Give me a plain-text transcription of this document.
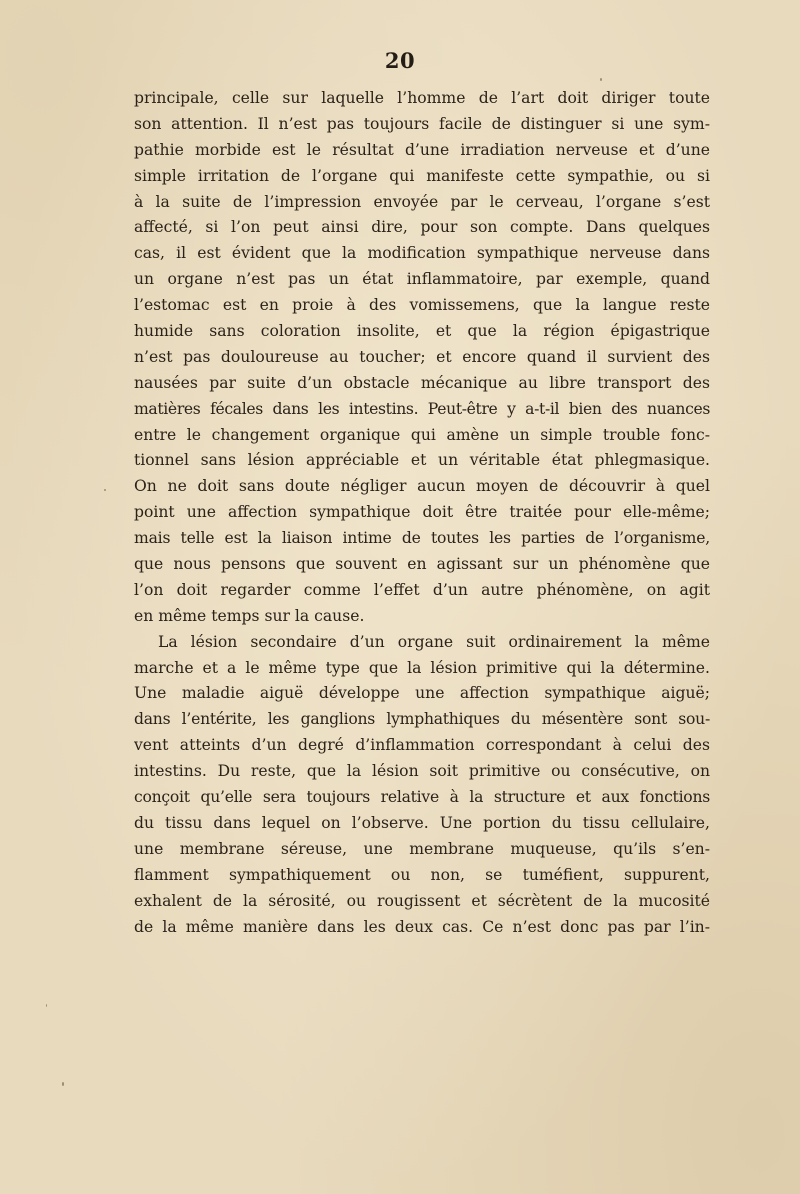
20
principale, celle sur laquelle l’homme de l’art doit diriger toute
son attention. Il n’est pas toujours facile de distinguer si une sym-
pathie morbide est le résultat d’une irradiation nerveuse et d’une
simple irritation de l’organe qui manifeste cette sympathie, ou si
à la suite de l’impression envoyée par le cerveau, l’organe s’est
affecté, si l’on peut ainsi dire, pour son compte. Dans quelques
cas, il est évident que la modification sympathique nerveuse dans
un organe n’est pas un état inflammatoire, par exemple, quand
l’estomac est en proie à des vomissemens, que la langue reste
humide sans coloration insolite, et que la région épigastrique
n’est pas douloureuse au toucher; et encore quand il survient des
nausées par suite d’un obstacle mécanique au libre transport des
matières fécales dans les intestins. Peut-être y a-t-il bien des nuances
entre le changement organique qui amène un simple trouble fonc-
tionnel sans lésion appréciable et un véritable état phlegmasique.
On ne doit sans doute négliger aucun moyen de découvrir à quel
point une affection sympathique doit être traitée pour elle-même;
mais telle est la liaison intime de toutes les parties de l’organisme,
que nous pensons que souvent en agissant sur un phénomène que
l’on doit regarder comme l’effet d’un autre phénomène, on agit
en même temps sur la cause.
La lésion secondaire d’un organe suit ordinairement la même
marche et a le même type que la lésion primitive qui la détermine.
Une maladie aiguë développe une affection sympathique aiguë;
dans l’entérite, les ganglions lymphathiques du mésentère sont sou-
vent atteints d’un degré d’inflammation correspondant à celui des
intestins. Du reste, que la lésion soit primitive ou consécutive, on
conçoit qu’elle sera toujours relative à la structure et aux fonctions
du tissu dans lequel on l’observe. Une portion du tissu cellulaire,
une membrane séreuse, une membrane muqueuse, qu’ils s’en-
flamment sympathiquement ou non, se tuméfient, suppurent,
exhalent de la sérosité, ou rougissent et sécrètent de la mucosité
de la même manière dans les deux cas. Ce n’est donc pas par l’in-
